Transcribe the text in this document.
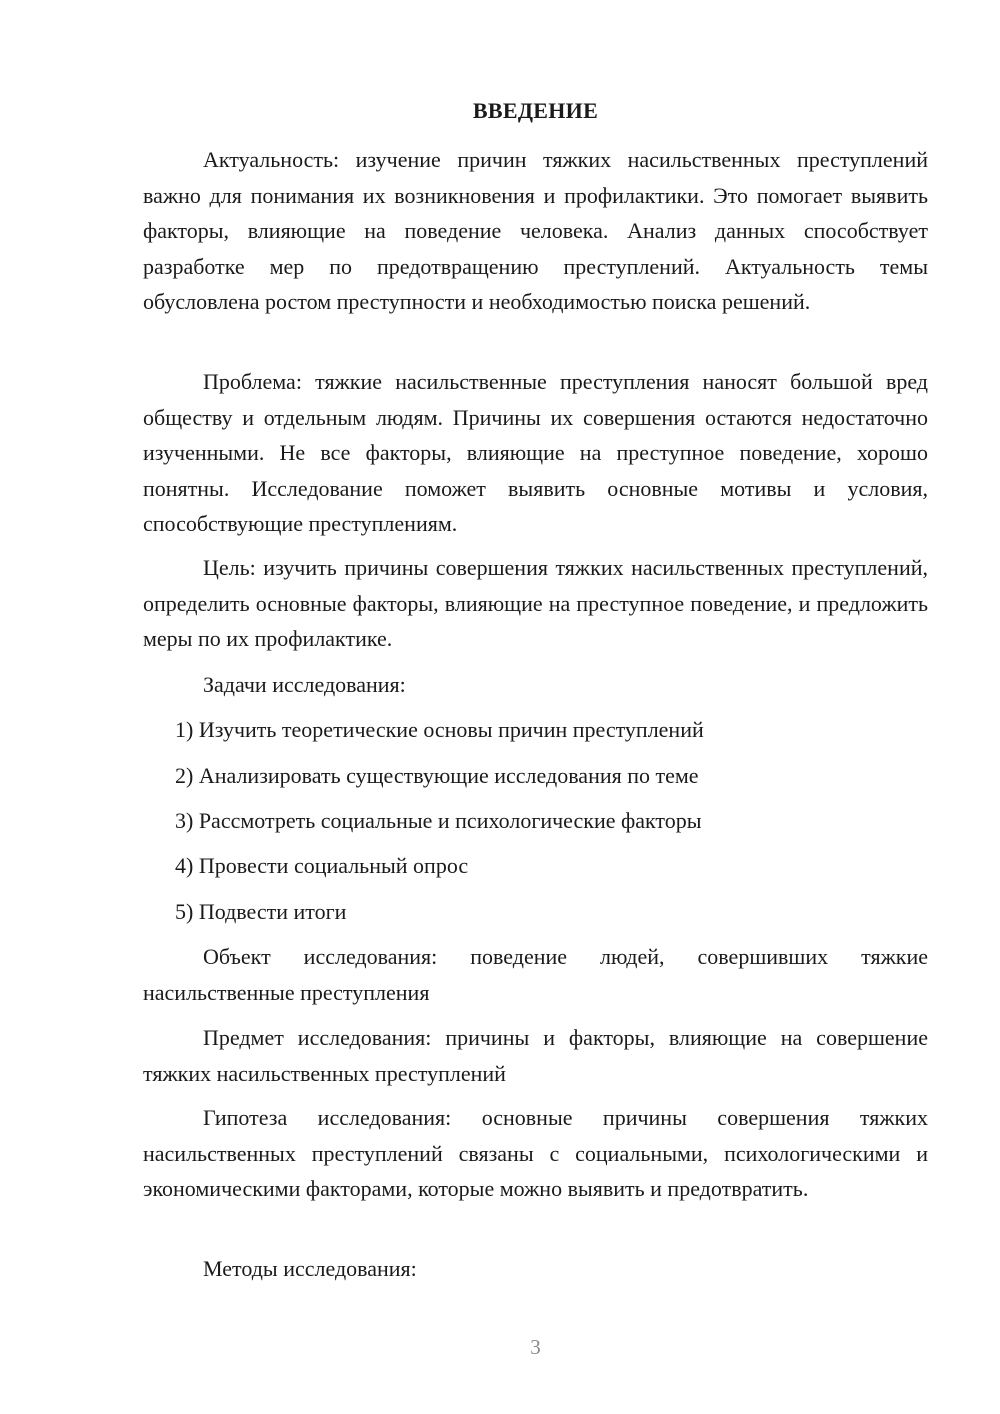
ВВЕДЕНИЕ

Актуальность: изучение причин тяжких насильственных преступлений важно для понимания их возникновения и профилактики. Это помогает выявить факторы, влияющие на поведение человека. Анализ данных способствует разработке мер по предотвращению преступлений. Актуальность темы обусловлена ростом преступности и необходимостью поиска решений.

Проблема: тяжкие насильственные преступления наносят большой вред обществу и отдельным людям. Причины их совершения остаются недостаточно изученными. Не все факторы, влияющие на преступное поведение, хорошо понятны. Исследование поможет выявить основные мотивы и условия, способствующие преступлениям.

Цель: изучить причины совершения тяжких насильственных преступлений, определить основные факторы, влияющие на преступное поведение, и предложить меры по их профилактике.

Задачи исследования:
1) Изучить теоретические основы причин преступлений
2) Анализировать существующие исследования по теме
3) Рассмотреть социальные и психологические факторы
4) Провести социальный опрос
5) Подвести итоги

Объект исследования: поведение людей, совершивших тяжкие насильственные преступления

Предмет исследования: причины и факторы, влияющие на совершение тяжких насильственных преступлений

Гипотеза исследования: основные причины совершения тяжких насильственных преступлений связаны с социальными, психологическими и экономическими факторами, которые можно выявить и предотвратить.

Методы исследования:
3
